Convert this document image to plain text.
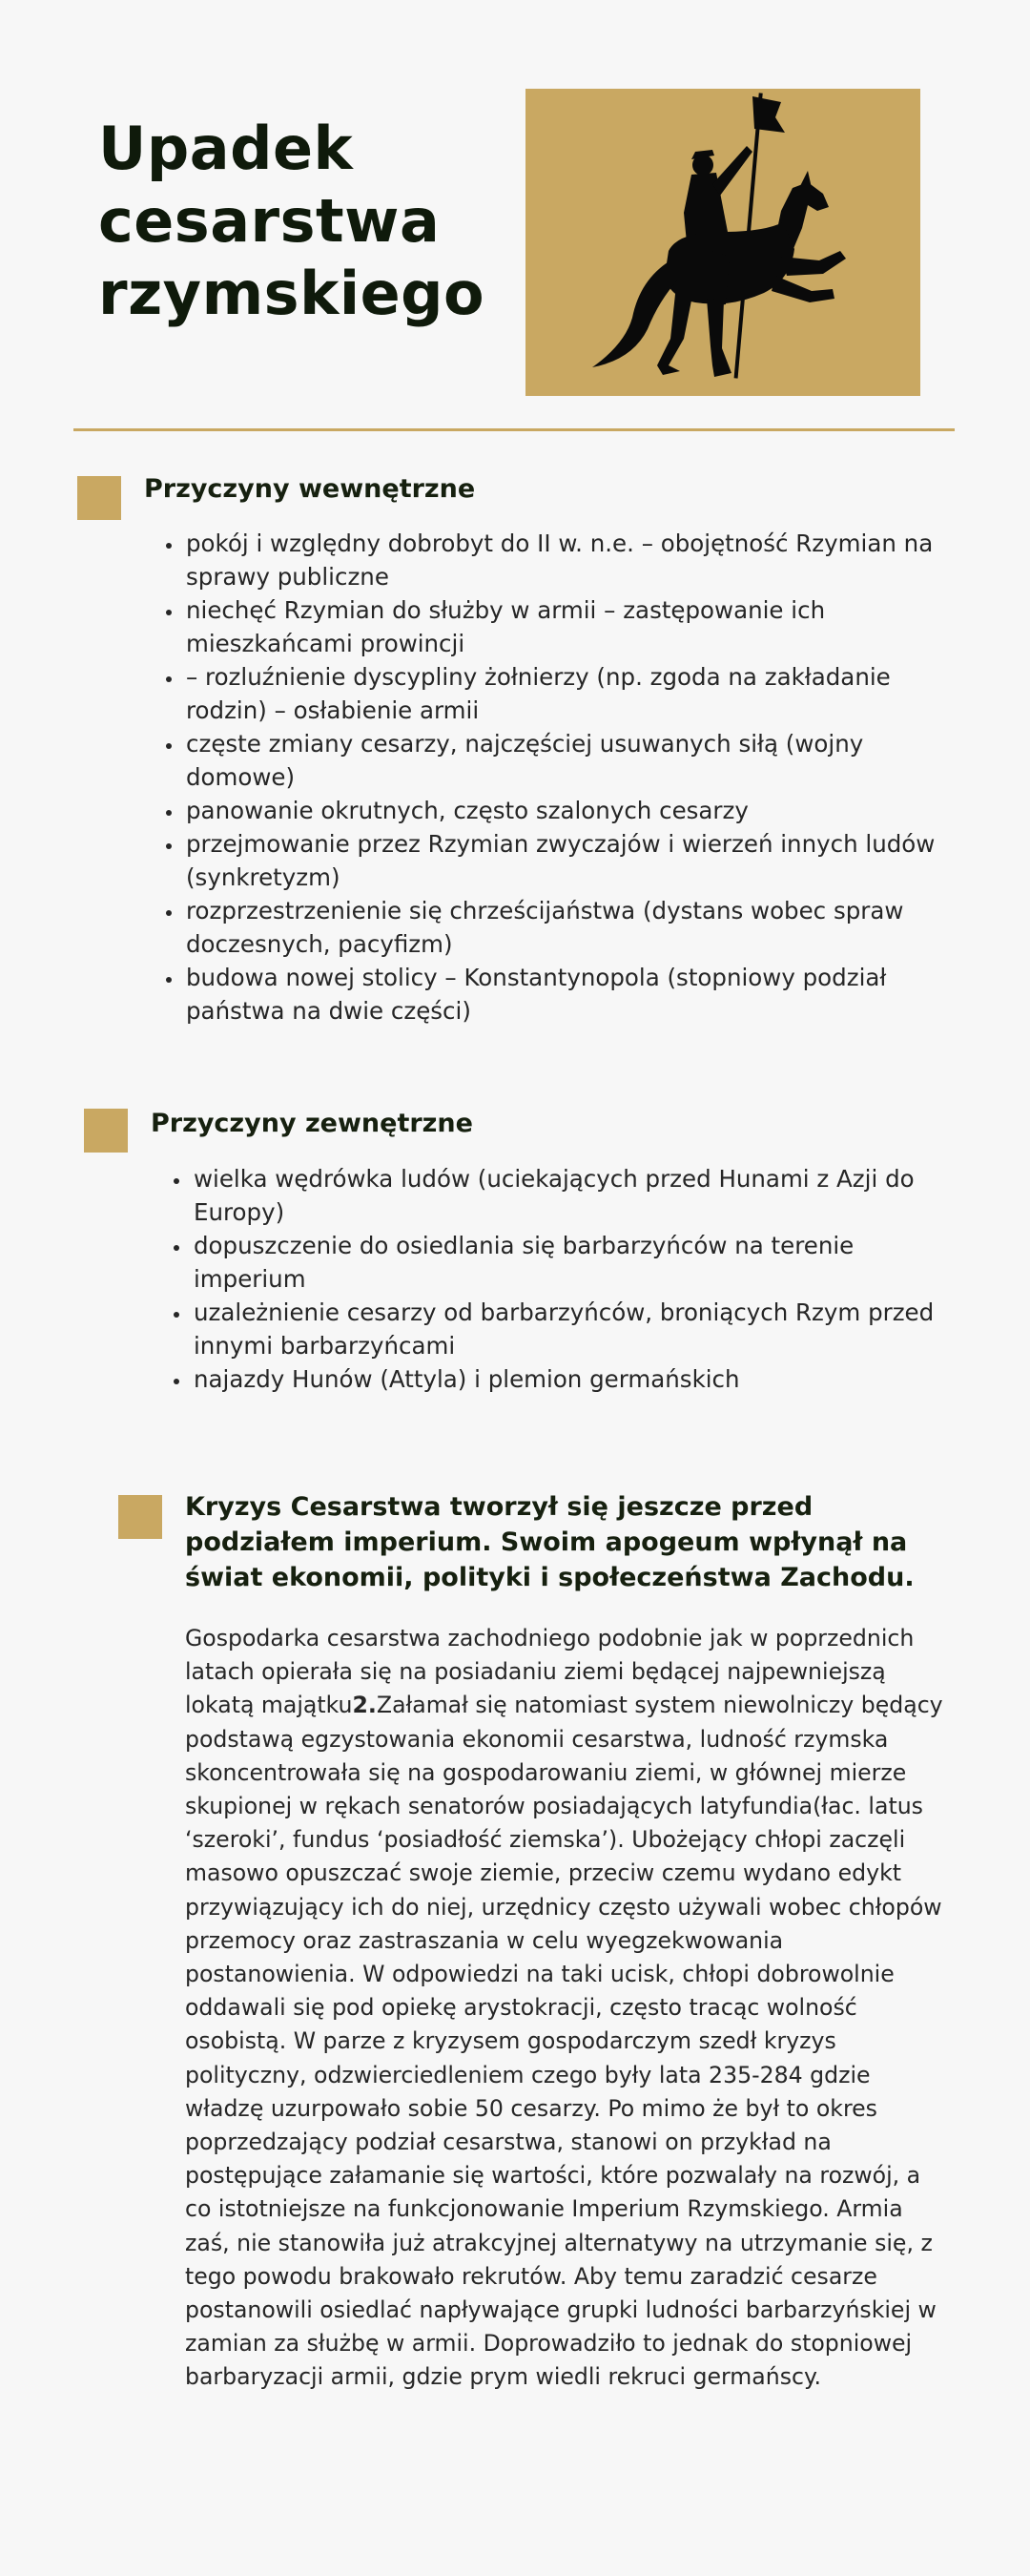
Upadek
cesarstwa
rzymskiego
Przyczyny wewnętrzne
• pokój i względny dobrobyt do II w. n.e. – obojętność Rzymian na sprawy publiczne
• niechęć Rzymian do służby w armii – zastępowanie ich mieszkańcami prowincji
• – rozluźnienie dyscypliny żołnierzy (np. zgoda na zakładanie rodzin) – osłabienie armii
• częste zmiany cesarzy, najczęściej usuwanych siłą (wojny domowe)
• panowanie okrutnych, często szalonych cesarzy
• przejmowanie przez Rzymian zwyczajów i wierzeń innych ludów (synkretyzm)
• rozprzestrzenienie się chrześcijaństwa (dystans wobec spraw doczesnych, pacyfizm)
• budowa nowej stolicy – Konstantynopola (stopniowy podział państwa na dwie części)
Przyczyny zewnętrzne
• wielka wędrówka ludów (uciekających przed Hunami z Azji do Europy)
• dopuszczenie do osiedlania się barbarzyńców na terenie imperium
• uzależnienie cesarzy od barbarzyńców, broniących Rzym przed innymi barbarzyńcami
• najazdy Hunów (Attyla) i plemion germańskich
Kryzys Cesarstwa tworzył się jeszcze przed podziałem imperium. Swoim apogeum wpłynął na świat ekonomii, polityki i społeczeństwa Zachodu.

Gospodarka cesarstwa zachodniego podobnie jak w poprzednich latach opierała się na posiadaniu ziemi będącej najpewniejszą lokatą majątku2.Załamał się natomiast system niewolniczy będący podstawą egzystowania ekonomii cesarstwa, ludność rzymska skoncentrowała się na gospodarowaniu ziemi, w głównej mierze skupionej w rękach senatorów posiadających latyfundia(łac. latus ‘szeroki’, fundus ‘posiadłość ziemska’). Ubożejący chłopi zaczęli masowo opuszczać swoje ziemie, przeciw czemu wydano edykt przywiązujący ich do niej, urzędnicy często używali wobec chłopów przemocy oraz zastraszania w celu wyegzekwowania postanowienia. W odpowiedzi na taki ucisk, chłopi dobrowolnie oddawali się pod opiekę arystokracji, często tracąc wolność osobistą. W parze z kryzysem gospodarczym szedł kryzys polityczny, odzwierciedleniem czego były lata 235-284 gdzie władzę uzurpowało sobie 50 cesarzy. Po mimo że był to okres poprzedzający podział cesarstwa, stanowi on przykład na postępujące załamanie się wartości, które pozwalały na rozwój, a co istotniejsze na funkcjonowanie Imperium Rzymskiego. Armia zaś, nie stanowiła już atrakcyjnej alternatywy na utrzymanie się, z tego powodu brakowało rekrutów. Aby temu zaradzić cesarze postanowili osiedlać napływające grupki ludności barbarzyńskiej w zamian za służbę w armii. Doprowadziło to jednak do stopniowej barbaryzacji armii, gdzie prym wiedli rekruci germańscy.
